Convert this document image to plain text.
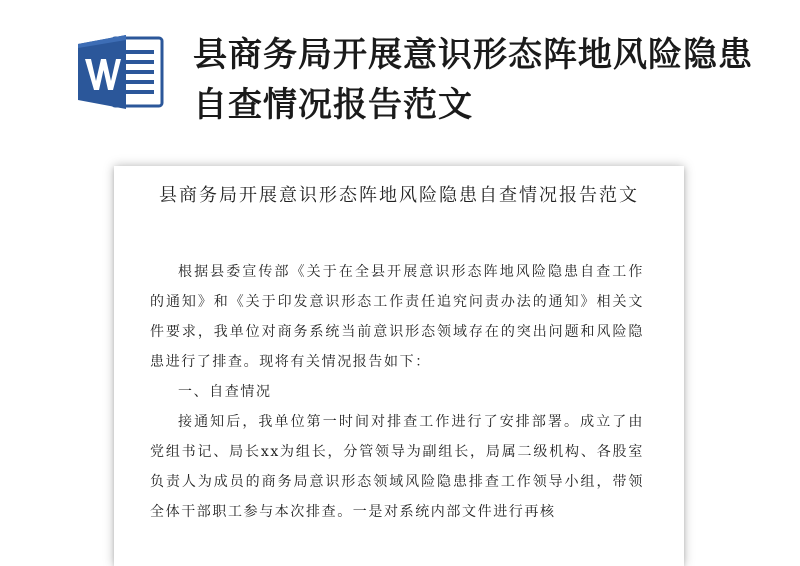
县商务局开展意识形态阵地风险隐患自查情况报告范文
县商务局开展意识形态阵地风险隐患自查情况报告范文

根据县委宣传部《关于在全县开展意识形态阵地风险隐患自查工作的通知》和《关于印发意识形态工作责任追究问责办法的通知》相关文件要求，我单位对商务系统当前意识形态领域存在的突出问题和风险隐患进行了排查。现将有关情况报告如下：

一、自查情况

接通知后，我单位第一时间对排查工作进行了安排部署。成立了由党组书记、局长xx为组长，分管领导为副组长，局属二级机构、各股室负责人为成员的商务局意识形态领域风险隐患排查工作领导小组，带领全体干部职工参与本次排查。一是对系统内部文件进行再核
